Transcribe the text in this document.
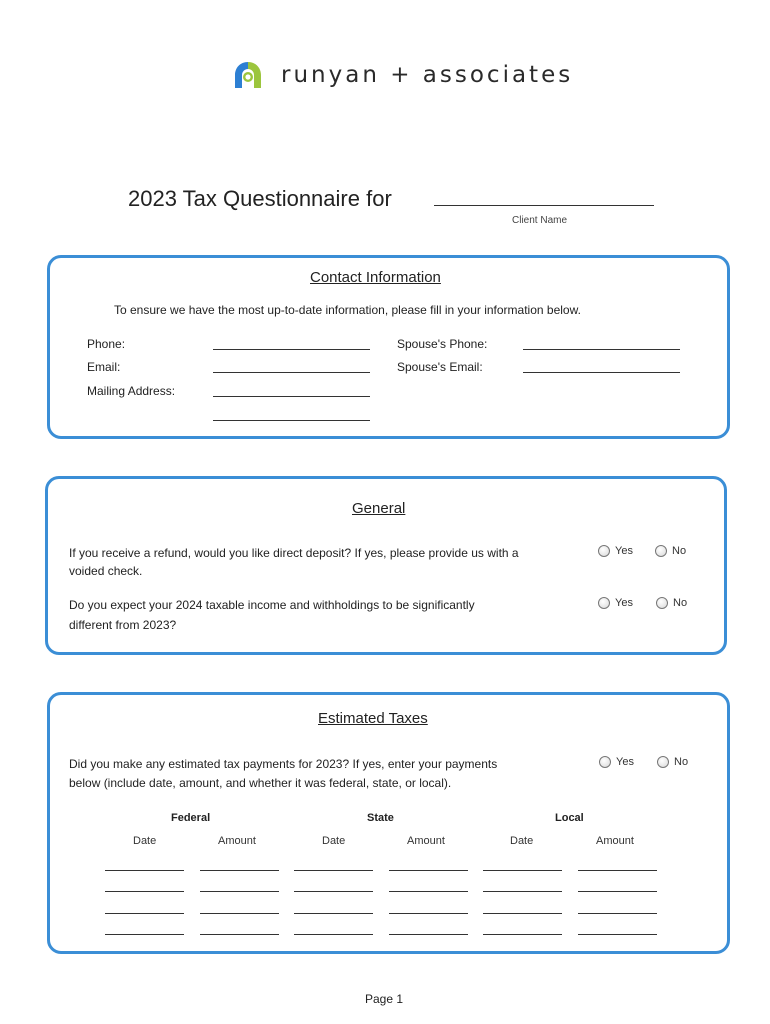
runyan + associates
2023 Tax Questionnaire for
Client Name
Contact Information
To ensure we have the most up-to-date information, please fill in your information below.
Phone:	Spouse's Phone:
Email:	Spouse's Email:
Mailing Address:
General
If you receive a refund, would you like direct deposit? If yes, please provide us with a
voided check.
Yes	No
Do you expect your 2024 taxable income and withholdings to be significantly
different from 2023?
Yes	No
Estimated Taxes
Did you make any estimated tax payments for 2023? If yes, enter your payments
below (include date, amount, and whether it was federal, state, or local).
Yes	No
Federal	State	Local
Date	Amount	Date	Amount	Date	Amount
Page 1
